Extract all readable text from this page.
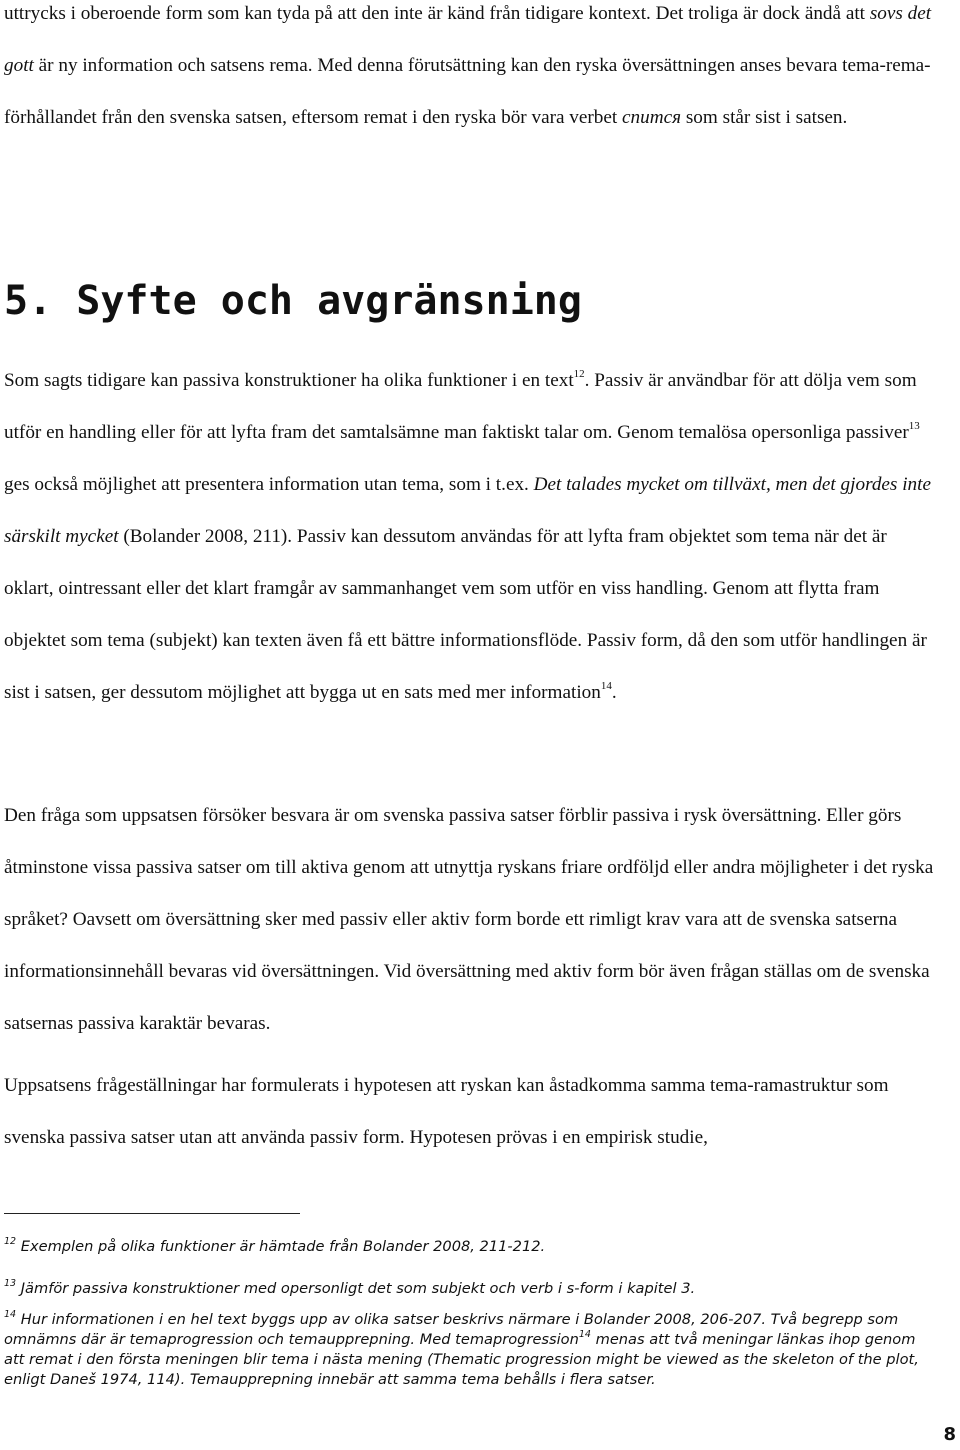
uttrycks i oberoende form som kan tyda på att den inte är känd från tidigare kontext. Det troliga är dock ändå att sovs det gott är ny information och satsens rema. Med denna förutsättning kan den ryska översättningen anses bevara tema-rema-förhållandet från den svenska satsen, eftersom remat i den ryska bör vara verbet спится som står sist i satsen.

5. Syfte och avgränsning

Som sagts tidigare kan passiva konstruktioner ha olika funktioner i en text$^{12}$. Passiv är användbar för att dölja vem som utför en handling eller för att lyfta fram det samtalsämne man faktiskt talar om. Genom temalösa opersonliga passiver$^{13}$ ges också möjlighet att presentera information utan tema, som i t.ex. Det talades mycket om tillväxt, men det gjordes inte särskilt mycket (Bolander 2008, 211). Passiv kan dessutom användas för att lyfta fram objektet som tema när det är oklart, ointressant eller det klart framgår av sammanhanget vem som utför en viss handling. Genom att flytta fram objektet som tema (subjekt) kan texten även få ett bättre informationsflöde. Passiv form, då den som utför handlingen är sist i satsen, ger dessutom möjlighet att bygga ut en sats med mer information$^{14}$.

Den fråga som uppsatsen försöker besvara är om svenska passiva satser förblir passiva i rysk översättning. Eller görs åtminstone vissa passiva satser om till aktiva genom att utnyttja ryskans friare ordföljd eller andra möjligheter i det ryska språket? Oavsett om översättning sker med passiv eller aktiv form borde ett rimligt krav vara att de svenska satserna informationsinnehåll bevaras vid översättningen. Vid översättning med aktiv form bör även frågan ställas om de svenska satsernas passiva karaktär bevaras.

Uppsatsens frågeställningar har formulerats i hypotesen att ryskan kan åstadkomma samma tema-ramastruktur som svenska passiva satser utan att använda passiv form. Hypotesen prövas i en empirisk studie,

$^{12}$ Exemplen på olika funktioner är hämtade från Bolander 2008, 211-212.

$^{13}$ Jämför passiva konstruktioner med opersonligt det som subjekt och verb i s-form i kapitel 3.

$^{14}$ Hur informationen i en hel text byggs upp av olika satser beskrivs närmare i Bolander 2008, 206-207. Två begrepp som omnämns där är temaprogression och temaupprepning. Med temaprogression$^{14}$ menas att två meningar länkas ihop genom att remat i den första meningen blir tema i nästa mening (Thematic progression might be viewed as the skeleton of the plot, enligt Daneš 1974, 114). Temaupprepning innebär att samma tema behålls i flera satser.

8
